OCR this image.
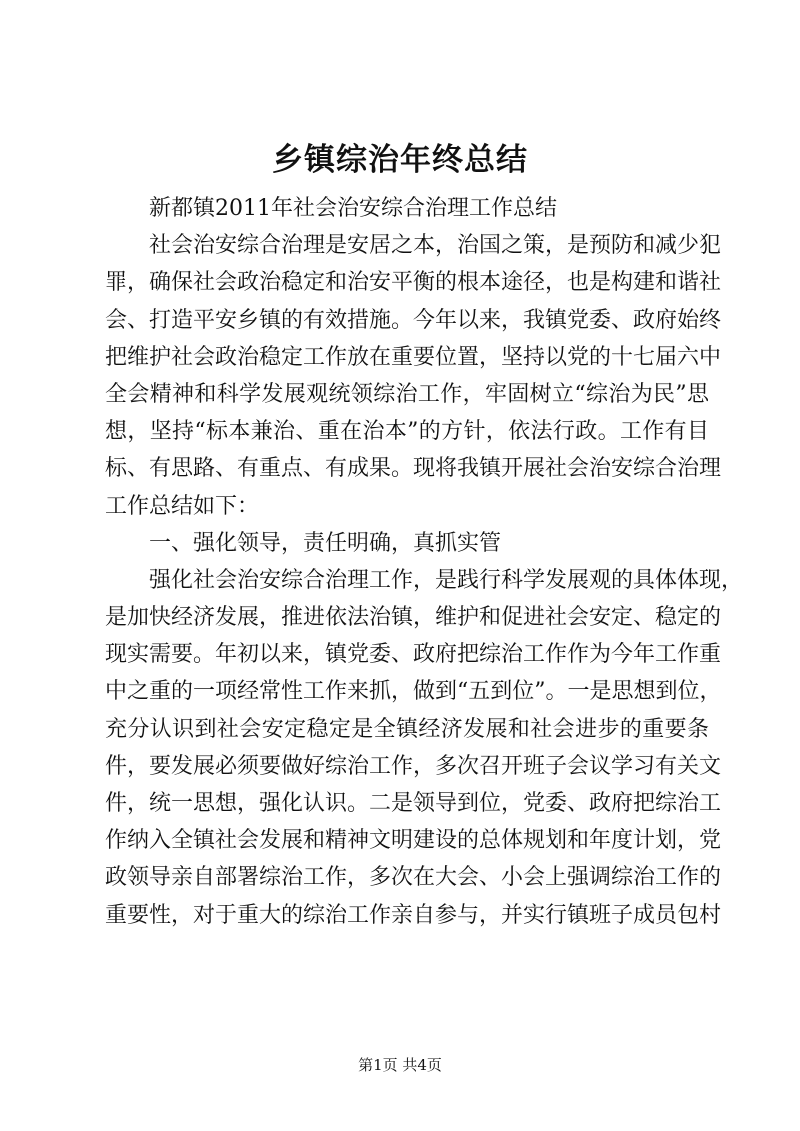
乡镇综治年终总结
新都镇2011年社会治安综合治理工作总结
社会治安综合治理是安居之本，治国之策，是预防和减少犯
罪，确保社会政治稳定和治安平衡的根本途径，也是构建和谐社
会、打造平安乡镇的有效措施。今年以来，我镇党委、政府始终
把维护社会政治稳定工作放在重要位置，坚持以党的十七届六中
全会精神和科学发展观统领综治工作，牢固树立“综治为民”思
想，坚持“标本兼治、重在治本”的方针，依法行政。工作有目
标、有思路、有重点、有成果。现将我镇开展社会治安综合治理
工作总结如下：
一、强化领导，责任明确，真抓实管
强化社会治安综合治理工作，是践行科学发展观的具体体现，
是加快经济发展，推进依法治镇，维护和促进社会安定、稳定的
现实需要。年初以来，镇党委、政府把综治工作作为今年工作重
中之重的一项经常性工作来抓，做到“五到位”。一是思想到位，
充分认识到社会安定稳定是全镇经济发展和社会进步的重要条
件，要发展必须要做好综治工作，多次召开班子会议学习有关文
件，统一思想，强化认识。二是领导到位，党委、政府把综治工
作纳入全镇社会发展和精神文明建设的总体规划和年度计划，党
政领导亲自部署综治工作，多次在大会、小会上强调综治工作的
重要性，对于重大的综治工作亲自参与，并实行镇班子成员包村
第1页 共4页
